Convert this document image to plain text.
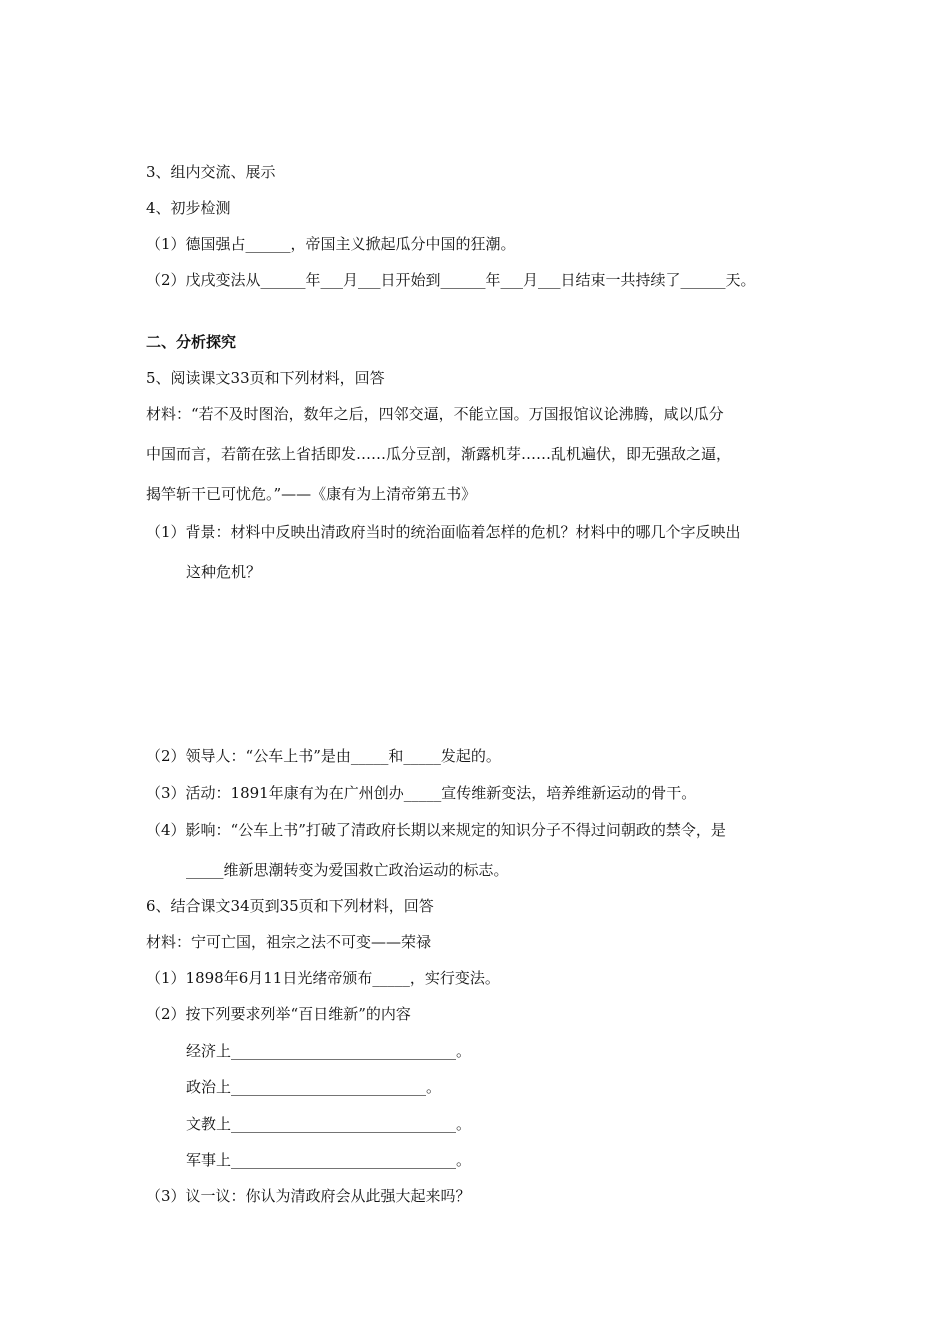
3、组内交流、展示
4、初步检测
（1）德国强占______，帝国主义掀起瓜分中国的狂潮。
（2）戊戌变法从______年___月___日开始到______年___月___日结束一共持续了______天。
二、分析探究
5、阅读课文33页和下列材料，回答
材料：“若不及时图治，数年之后，四邻交逼，不能立国。万国报馆议论沸腾，咸以瓜分
中国而言，若箭在弦上省括即发……瓜分豆剖，渐露机芽……乱机遍伏，即无强敌之逼，
揭竿斩干已可忧危。”——《康有为上清帝第五书》
（1）背景：材料中反映出清政府当时的统治面临着怎样的危机？材料中的哪几个字反映出
这种危机？
（2）领导人：“公车上书”是由_____和_____发起的。
（3）活动：1891年康有为在广州创办_____宣传维新变法，培养维新运动的骨干。
（4）影响：“公车上书”打破了清政府长期以来规定的知识分子不得过问朝政的禁令，是
_____维新思潮转变为爱国救亡政治运动的标志。
6、结合课文34页到35页和下列材料，回答
材料：宁可亡国，祖宗之法不可变——荣禄
（1）1898年6月11日光绪帝颁布_____，实行变法。
（2）按下列要求列举“百日维新”的内容
经济上______________________________。
政治上__________________________。
文教上______________________________。
军事上______________________________。
（3）议一议：你认为清政府会从此强大起来吗？
